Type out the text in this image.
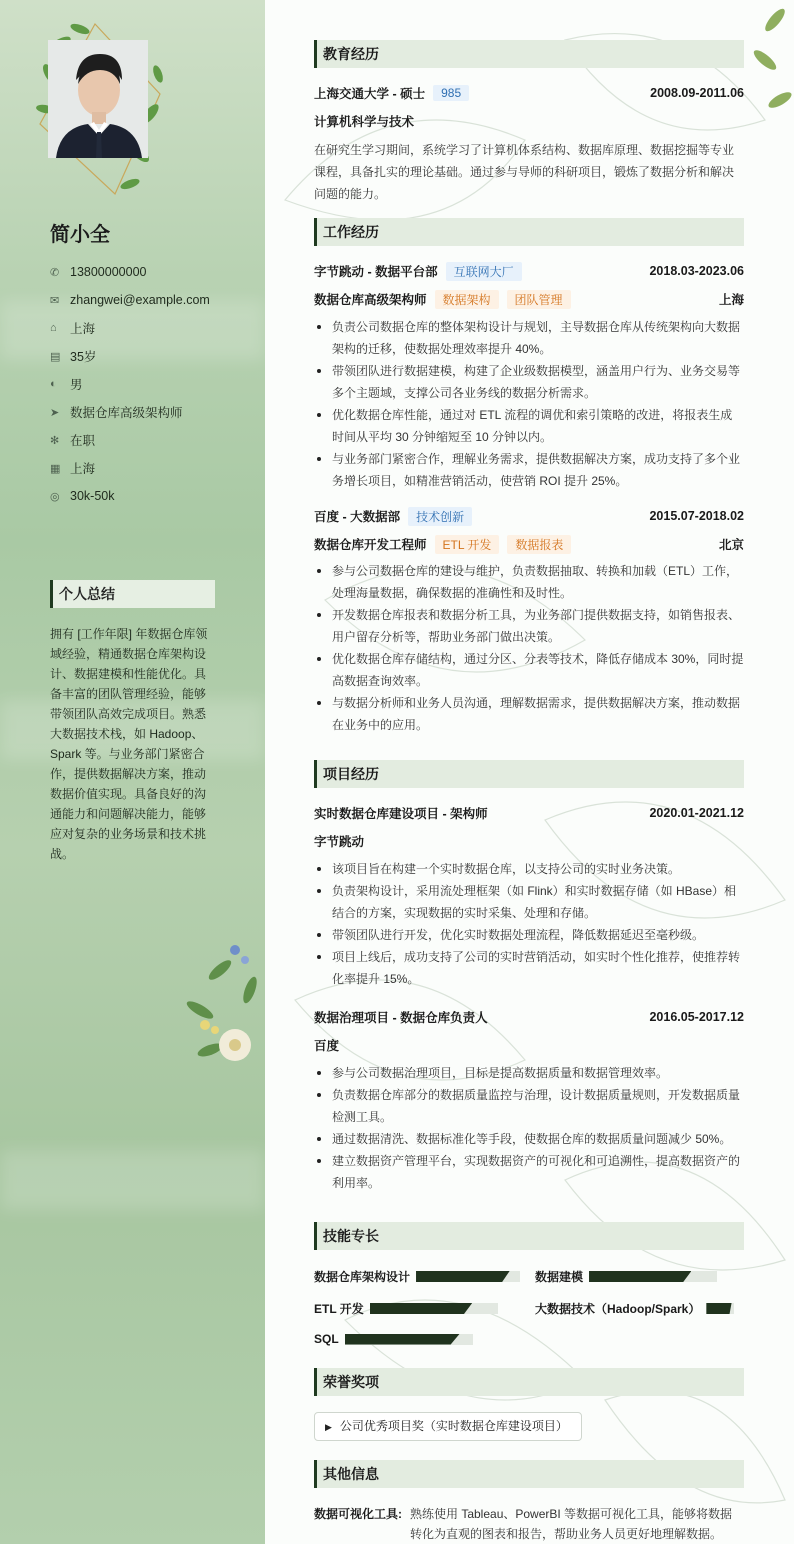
简小全
✆ 13800000000
✉ zhangwei@example.com
⌂	上海
▤ 35岁
◐	男
➤ 数据仓库高级架构师
✻ 在职
▦ 上海
◎ 30k-50k
个人总结
拥有 [工作年限] 年数据仓库领域经验，精通数据仓库架构设计、数据建模和性能优化。具备丰富的团队管理经验，能够带领团队高效完成项目。熟悉大数据技术栈，如 Hadoop、Spark 等。与业务部门紧密合作，提供数据解决方案，推动数据价值实现。具备良好的沟通能力和问题解决能力，能够应对复杂的业务场景和技术挑战。
教育经历
上海交通大学 - 硕士	985	2008.09-2011.06
计算机科学与技术
在研究生学习期间，系统学习了计算机体系结构、数据库原理、数据挖掘等专业课程，具备扎实的理论基础。通过参与导师的科研项目，锻炼了数据分析和解决问题的能力。
工作经历
字节跳动 - 数据平台部	互联网大厂	2018.03-2023.06
数据仓库高级架构师	数据架构	团队管理	上海
负责公司数据仓库的整体架构设计与规划，主导数据仓库从传统架构向大数据架构的迁移，使数据处理效率提升 40%。
带领团队进行数据建模，构建了企业级数据模型，涵盖用户行为、业务交易等多个主题域，支撑公司各业务线的数据分析需求。
优化数据仓库性能，通过对 ETL 流程的调优和索引策略的改进，将报表生成时间从平均 30 分钟缩短至 10 分钟以内。
与业务部门紧密合作，理解业务需求，提供数据解决方案，成功支持了多个业务增长项目，如精准营销活动，使营销 ROI 提升 25%。
百度 - 大数据部	技术创新	2015.07-2018.02
数据仓库开发工程师	ETL 开发	数据报表	北京
参与公司数据仓库的建设与维护，负责数据抽取、转换和加载（ETL）工作，处理海量数据，确保数据的准确性和及时性。
开发数据仓库报表和数据分析工具，为业务部门提供数据支持，如销售报表、用户留存分析等，帮助业务部门做出决策。
优化数据仓库存储结构，通过分区、分表等技术，降低存储成本 30%，同时提高数据查询效率。
与数据分析师和业务人员沟通，理解数据需求，提供数据解决方案，推动数据在业务中的应用。
项目经历
实时数据仓库建设项目 - 架构师	2020.01-2021.12
字节跳动
该项目旨在构建一个实时数据仓库，以支持公司的实时业务决策。
负责架构设计，采用流处理框架（如 Flink）和实时数据存储（如 HBase）相结合的方案，实现数据的实时采集、处理和存储。
带领团队进行开发，优化实时数据处理流程，降低数据延迟至毫秒级。
项目上线后，成功支持了公司的实时营销活动，如实时个性化推荐，使推荐转化率提升 15%。
数据治理项目 - 数据仓库负责人	2016.05-2017.12
百度
参与公司数据治理项目，目标是提高数据质量和数据管理效率。
负责数据仓库部分的数据质量监控与治理，设计数据质量规则，开发数据质量检测工具。
通过数据清洗、数据标准化等手段，使数据仓库的数据质量问题减少 50%。
建立数据资产管理平台，实现数据资产的可视化和可追溯性，提高数据资产的利用率。
技能专长
数据仓库架构设计	数据建模
ETL 开发	大数据技术（Hadoop/Spark）
SQL
荣誉奖项
▶ 公司优秀项目奖（实时数据仓库建设项目）
其他信息
数据可视化工具: 熟练使用 Tableau、PowerBI 等数据可视化工具，能够将数据转化为直观的图表和报告，帮助业务人员更好地理解数据。
